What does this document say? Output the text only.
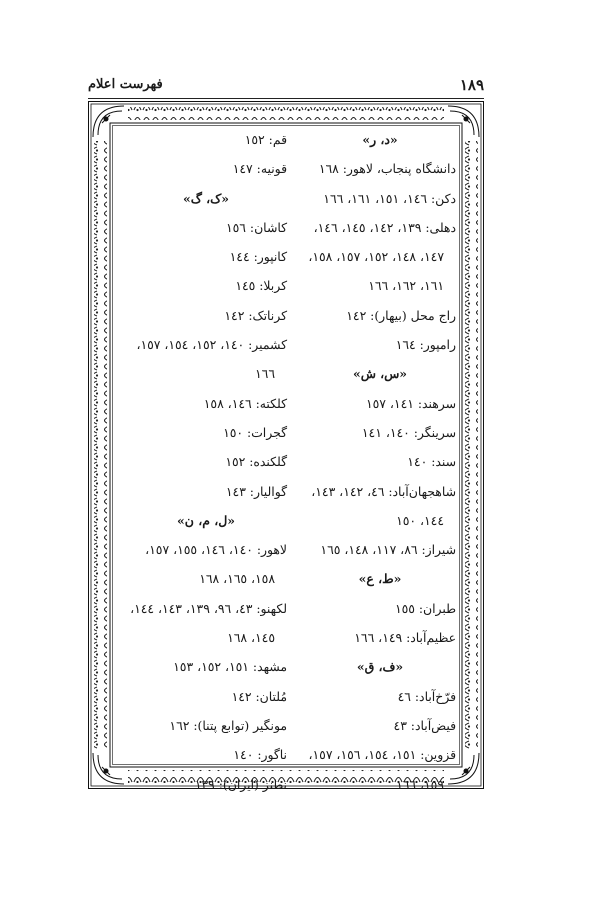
۱۸۹
فهرست اعلام
«د، ر»
دانشگاه پنجاب، لاهور: ۱٦٨
دکن: ۱٤٦، ۱٥۱، ۱٦۱، ۱٦٦
دهلی: ۱۳۹، ۱٤۲، ۱٤٥، ۱٤٦،
۱٤٧، ۱٤٨، ۱٥۲، ۱٥٧، ۱٥٨،
۱٦۱، ۱٦۲، ۱٦٦
راج محل (بیهار): ۱٤۲
رامپور: ۱٦٤
«س، ش»
سرهند: ۱٤۱، ۱٥٧
سرینگر: ۱٤۰، ۱٤۱
سند: ۱٤۰
شاهجهان‌آباد: ٤٦، ۱٤۲، ۱٤۳،
۱٤٤، ۱٥۰
شیراز: ۸٦، ۱۱٧، ۱٤٨، ۱٦٥
«ط، ع»
طبران: ۱٥٥
عظیم‌آباد: ۱٤۹، ۱٦٦
«ف، ق»
فرّخ‌آباد: ٤٦
فیض‌آباد: ٤۳
قزوین: ۱٥۱، ۱٥٤، ۱٥٦، ۱٥٧،
۱٥۹، ۱٦٦
قم: ۱٥۲
قونیه: ۱٤٧
«ک، گ»
کاشان: ۱٥٦
کانپور: ۱٤٤
کربلا: ۱٤٥
کرناتک: ۱٤۲
کشمیر: ۱٤۰، ۱٥۲، ۱٥٤، ۱٥٧،
۱٦٦
کلکته: ۱٤٦، ۱٥٨
گجرات: ۱٥۰
گلکنده: ۱٥۲
گوالیار: ۱٤۳
«ل، م، ن»
لاهور: ۱٤۰، ۱٤٦، ۱٥٥، ۱٥٧،
۱٥٨، ۱٦٥، ۱٦٨
لکهنو: ٤۳، ۹٦، ۱۳۹، ۱٤۳، ۱٤٤،
۱٤٥، ۱٦٨
مشهد: ۱٥۱، ۱٥۲، ۱٥۳
مُلتان: ۱٤۲
مونگیر (توابع پتنا): ۱٦۲
ناگور: ۱٤۰
نطنز (ایران): ۱۳۹
